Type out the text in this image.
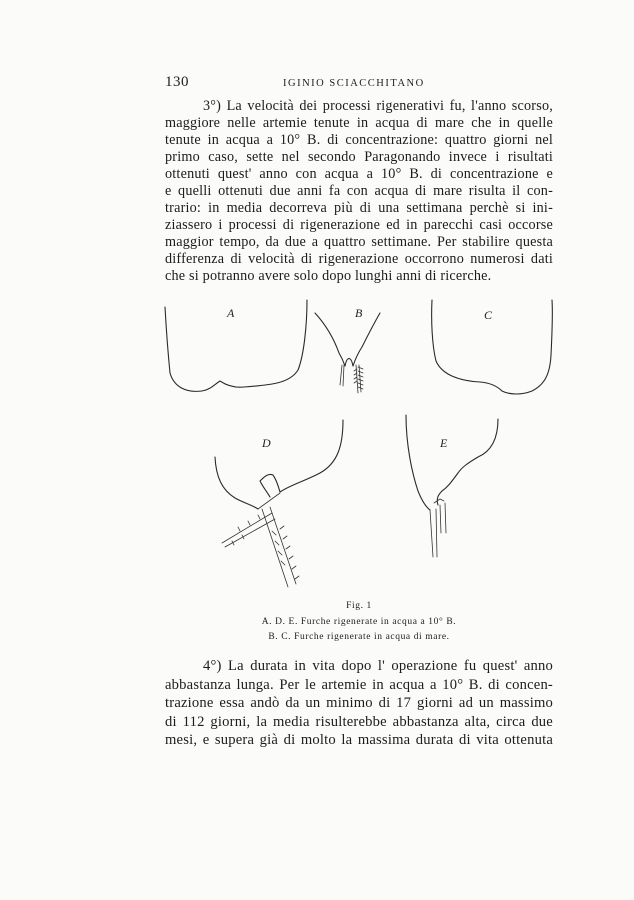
130	IGINIO SCIACCHITANO
3°) La velocità dei processi rigenerativi fu, l'anno scorso,
maggiore nelle artemie tenute in acqua di mare che in quelle
tenute in acqua a 10° B. di concentrazione: quattro giorni nel
primo caso, sette nel secondo Paragonando invece i risultati
ottenuti quest' anno con acqua a 10° B. di concentrazione e
e quelli ottenuti due anni fa con acqua di mare risulta il con-
trario: in media decorreva più di una settimana perchè si ini-
ziassero i processi di rigenerazione ed in parecchi casi occorse
maggior tempo, da due a quattro settimane. Per stabilire questa
differenza di velocità di rigenerazione occorrono numerosi dati
che si potranno avere solo dopo lunghi anni di ricerche.
A	B	C
D	E
Fig. 1
A. D. E. Furche rigenerate in acqua a 10° B.
B. C. Furche rigenerate in acqua di mare.
4°) La durata in vita dopo l' operazione fu quest' anno
abbastanza lunga. Per le artemie in acqua a 10° B. di concen-
trazione essa andò da un minimo di 17 giorni ad un massimo
di 112 giorni, la media risulterebbe abbastanza alta, circa due
mesi, e supera già di molto la massima durata di vita ottenuta
